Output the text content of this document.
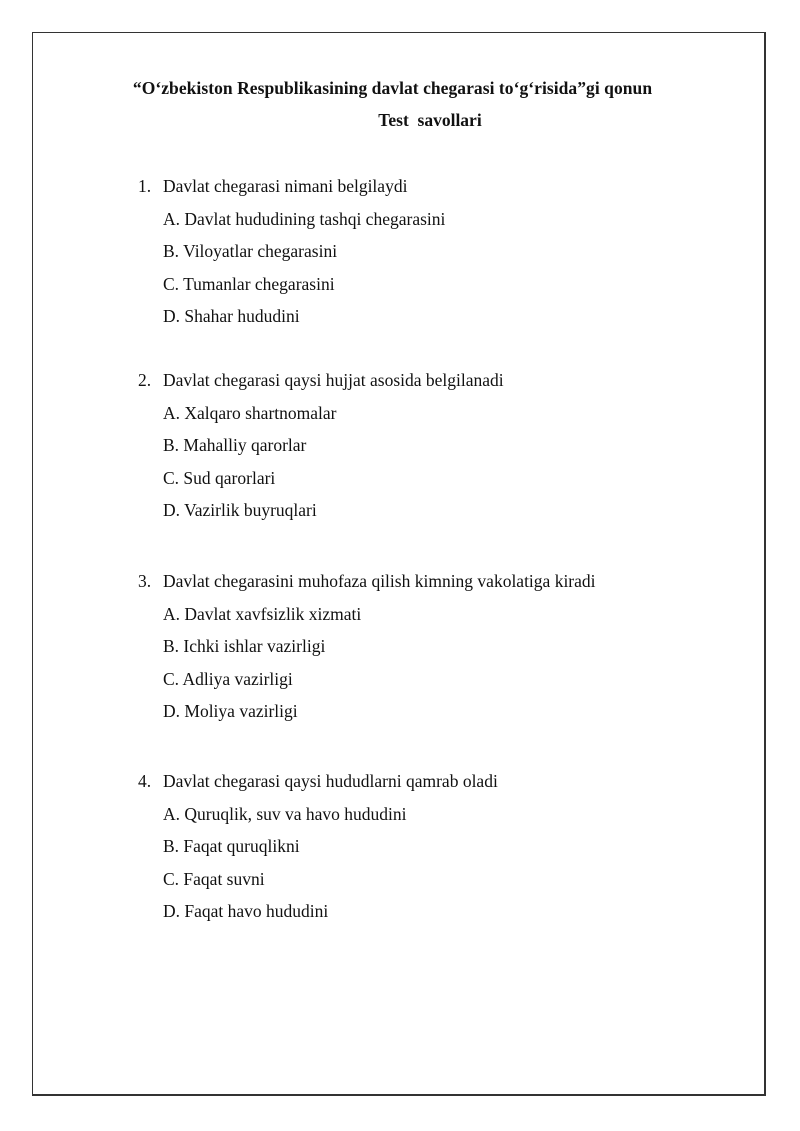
“O‘zbekiston Respublikasining davlat chegarasi to‘g‘risida”gi qonun
Test  savollari
1. Davlat chegarasi nimani belgilaydi
A. Davlat hududining tashqi chegarasini
B. Viloyatlar chegarasini
C. Tumanlar chegarasini
D. Shahar hududini
2. Davlat chegarasi qaysi hujjat asosida belgilanadi
A. Xalqaro shartnomalar
B. Mahalliy qarorlar
C. Sud qarorlari
D. Vazirlik buyruqlari
3. Davlat chegarasini muhofaza qilish kimning vakolatiga kiradi
A. Davlat xavfsizlik xizmati
B. Ichki ishlar vazirligi
C. Adliya vazirligi
D. Moliya vazirligi
4. Davlat chegarasi qaysi hududlarni qamrab oladi
A. Quruqlik, suv va havo hududini
B. Faqat quruqlikni
C. Faqat suvni
D. Faqat havo hududini
